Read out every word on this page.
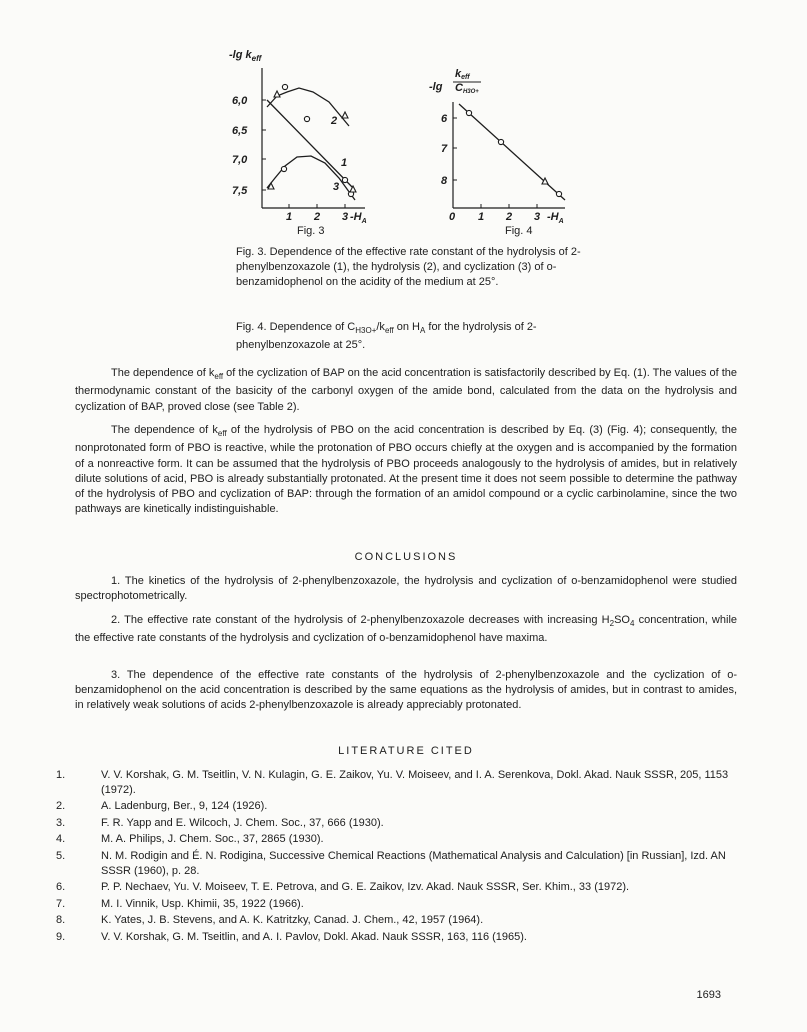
-lg $k_{eff}$
6,0
6,5
7,0
7,5
1 2 3 $-H_A$
1
2
3
Fig. 3
-lg
keff
CH3O+
6
7
8
0 1 2 3 $-H_A$
Fig. 4
Fig. 3. Dependence of the effective rate constant of the hydrolysis of 2-phenylbenzoxazole (1), the hydrolysis (2), and cyclization (3) of o-benzamidophenol on the acidity of the medium at 25°.
Fig. 4. Dependence of $C_{H3O+}/k_{eff}$ on $H_A$ for the hydrolysis of 2-phenylbenzoxazole at 25°.
The dependence of $k_{eff}$ of the cyclization of BAP on the acid concentration is satisfactorily described by Eq. (1). The values of the thermodynamic constant of the basicity of the carbonyl oxygen of the amide bond, calculated from the data on the hydrolysis and cyclization of BAP, proved close (see Table 2).
The dependence of $k_{eff}$ of the hydrolysis of PBO on the acid concentration is described by Eq. (3) (Fig. 4); consequently, the nonprotonated form of PBO is reactive, while the protonation of PBO occurs chiefly at the oxygen and is accompanied by the formation of a nonreactive form. It can be assumed that the hydrolysis of PBO proceeds analogously to the hydrolysis of amides, but in relatively dilute solutions of acid, PBO is already substantially protonated. At the present time it does not seem possible to determine the pathway of the hydrolysis of PBO and cyclization of BAP: through the formation of an amidol compound or a cyclic carbinolamine, since the two pathways are kinetically indistinguishable.
CONCLUSIONS
1. The kinetics of the hydrolysis of 2-phenylbenzoxazole, the hydrolysis and cyclization of o-benzamidophenol were studied spectrophotometrically.
2. The effective rate constant of the hydrolysis of 2-phenylbenzoxazole decreases with increasing $H_2SO_4$ concentration, while the effective rate constants of the hydrolysis and cyclization of o-benzamidophenol have maxima.
3. The dependence of the effective rate constants of the hydrolysis of 2-phenylbenzoxazole and the cyclization of o-benzamidophenol on the acid concentration is described by the same equations as the hydrolysis of amides, but in contrast to amides, in relatively weak solutions of acids 2-phenylbenzoxazole is already appreciably protonated.
LITERATURE CITED
1.	V. V. Korshak, G. M. Tseitlin, V. N. Kulagin, G. E. Zaikov, Yu. V. Moiseev, and I. A. Serenkova, Dokl. Akad. Nauk SSSR, 205, 1153 (1972).
2.	A. Ladenburg, Ber., 9, 124 (1926).
3.	F. R. Yapp and E. Wilcoch, J. Chem. Soc., 37, 666 (1930).
4.	M. A. Philips, J. Chem. Soc., 37, 2865 (1930).
5.	N. M. Rodigin and É. N. Rodigina, Successive Chemical Reactions (Mathematical Analysis and Calculation) [in Russian], Izd. AN SSSR (1960), p. 28.
6.	P. P. Nechaev, Yu. V. Moiseev, T. E. Petrova, and G. E. Zaikov, Izv. Akad. Nauk SSSR, Ser. Khim., 33 (1972).
7.	M. I. Vinnik, Usp. Khimii, 35, 1922 (1966).
8.	K. Yates, J. B. Stevens, and A. K. Katritzky, Canad. J. Chem., 42, 1957 (1964).
9.	V. V. Korshak, G. M. Tseitlin, and A. I. Pavlov, Dokl. Akad. Nauk SSSR, 163, 116 (1965).
1693
